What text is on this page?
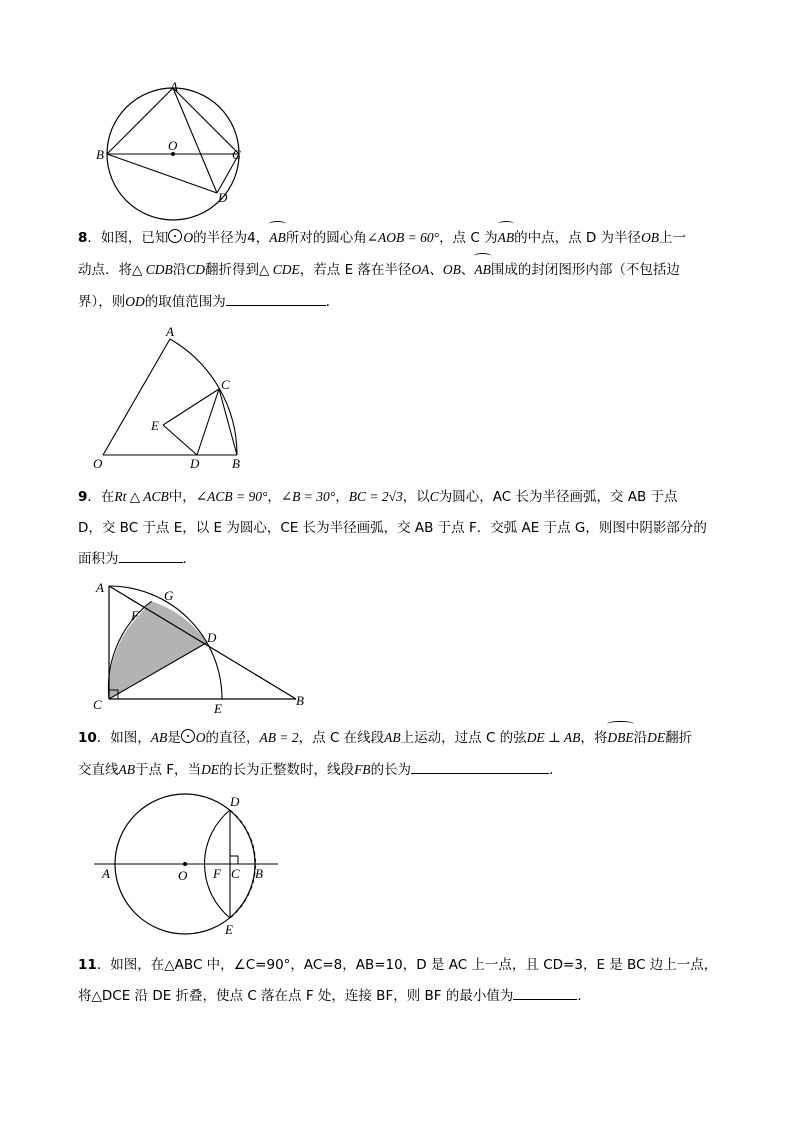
A
B
O
C
D
8．如图，已知 O的半径为4，AB所对的圆心角∠AOB = 60°，点 C 为AB的中点，点 D 为半径OB上一
动点．将△ CDB沿CD翻折得到△ CDE，若点 E 落在半径OA、OB、AB围成的封闭图形内部（不包括边
界），则OD的取值范围为	．
A
C
E
O	D	B
9．在Rt △ ACB中，∠ACB = 90°，∠B = 30°，BC = 2√3，以C为圆心，AC 长为半径画弧，交 AB 于点
D，交 BC 于点 E，以 E 为圆心，CE 长为半径画弧，交 AB 于点 F．交弧 AE 于点 G，则图中阴影部分的
面积为	．
A
G
F
D
C	E
B
10．如图，AB是 O的直径，AB = 2，点 C 在线段AB上运动，过点 C 的弦DE ⊥ AB，将DBE沿DE翻折
交直线AB于点 F，当DE的长为正整数时，线段FB的长为	．
D
A	O F C B
E
11．如图，在△ABC 中，∠C=90°，AC=8，AB=10，D 是 AC 上一点，且 CD=3，E 是 BC 边上一点，
将△DCE 沿 DE 折叠，使点 C 落在点 F 处，连接 BF，则 BF 的最小值为	．
